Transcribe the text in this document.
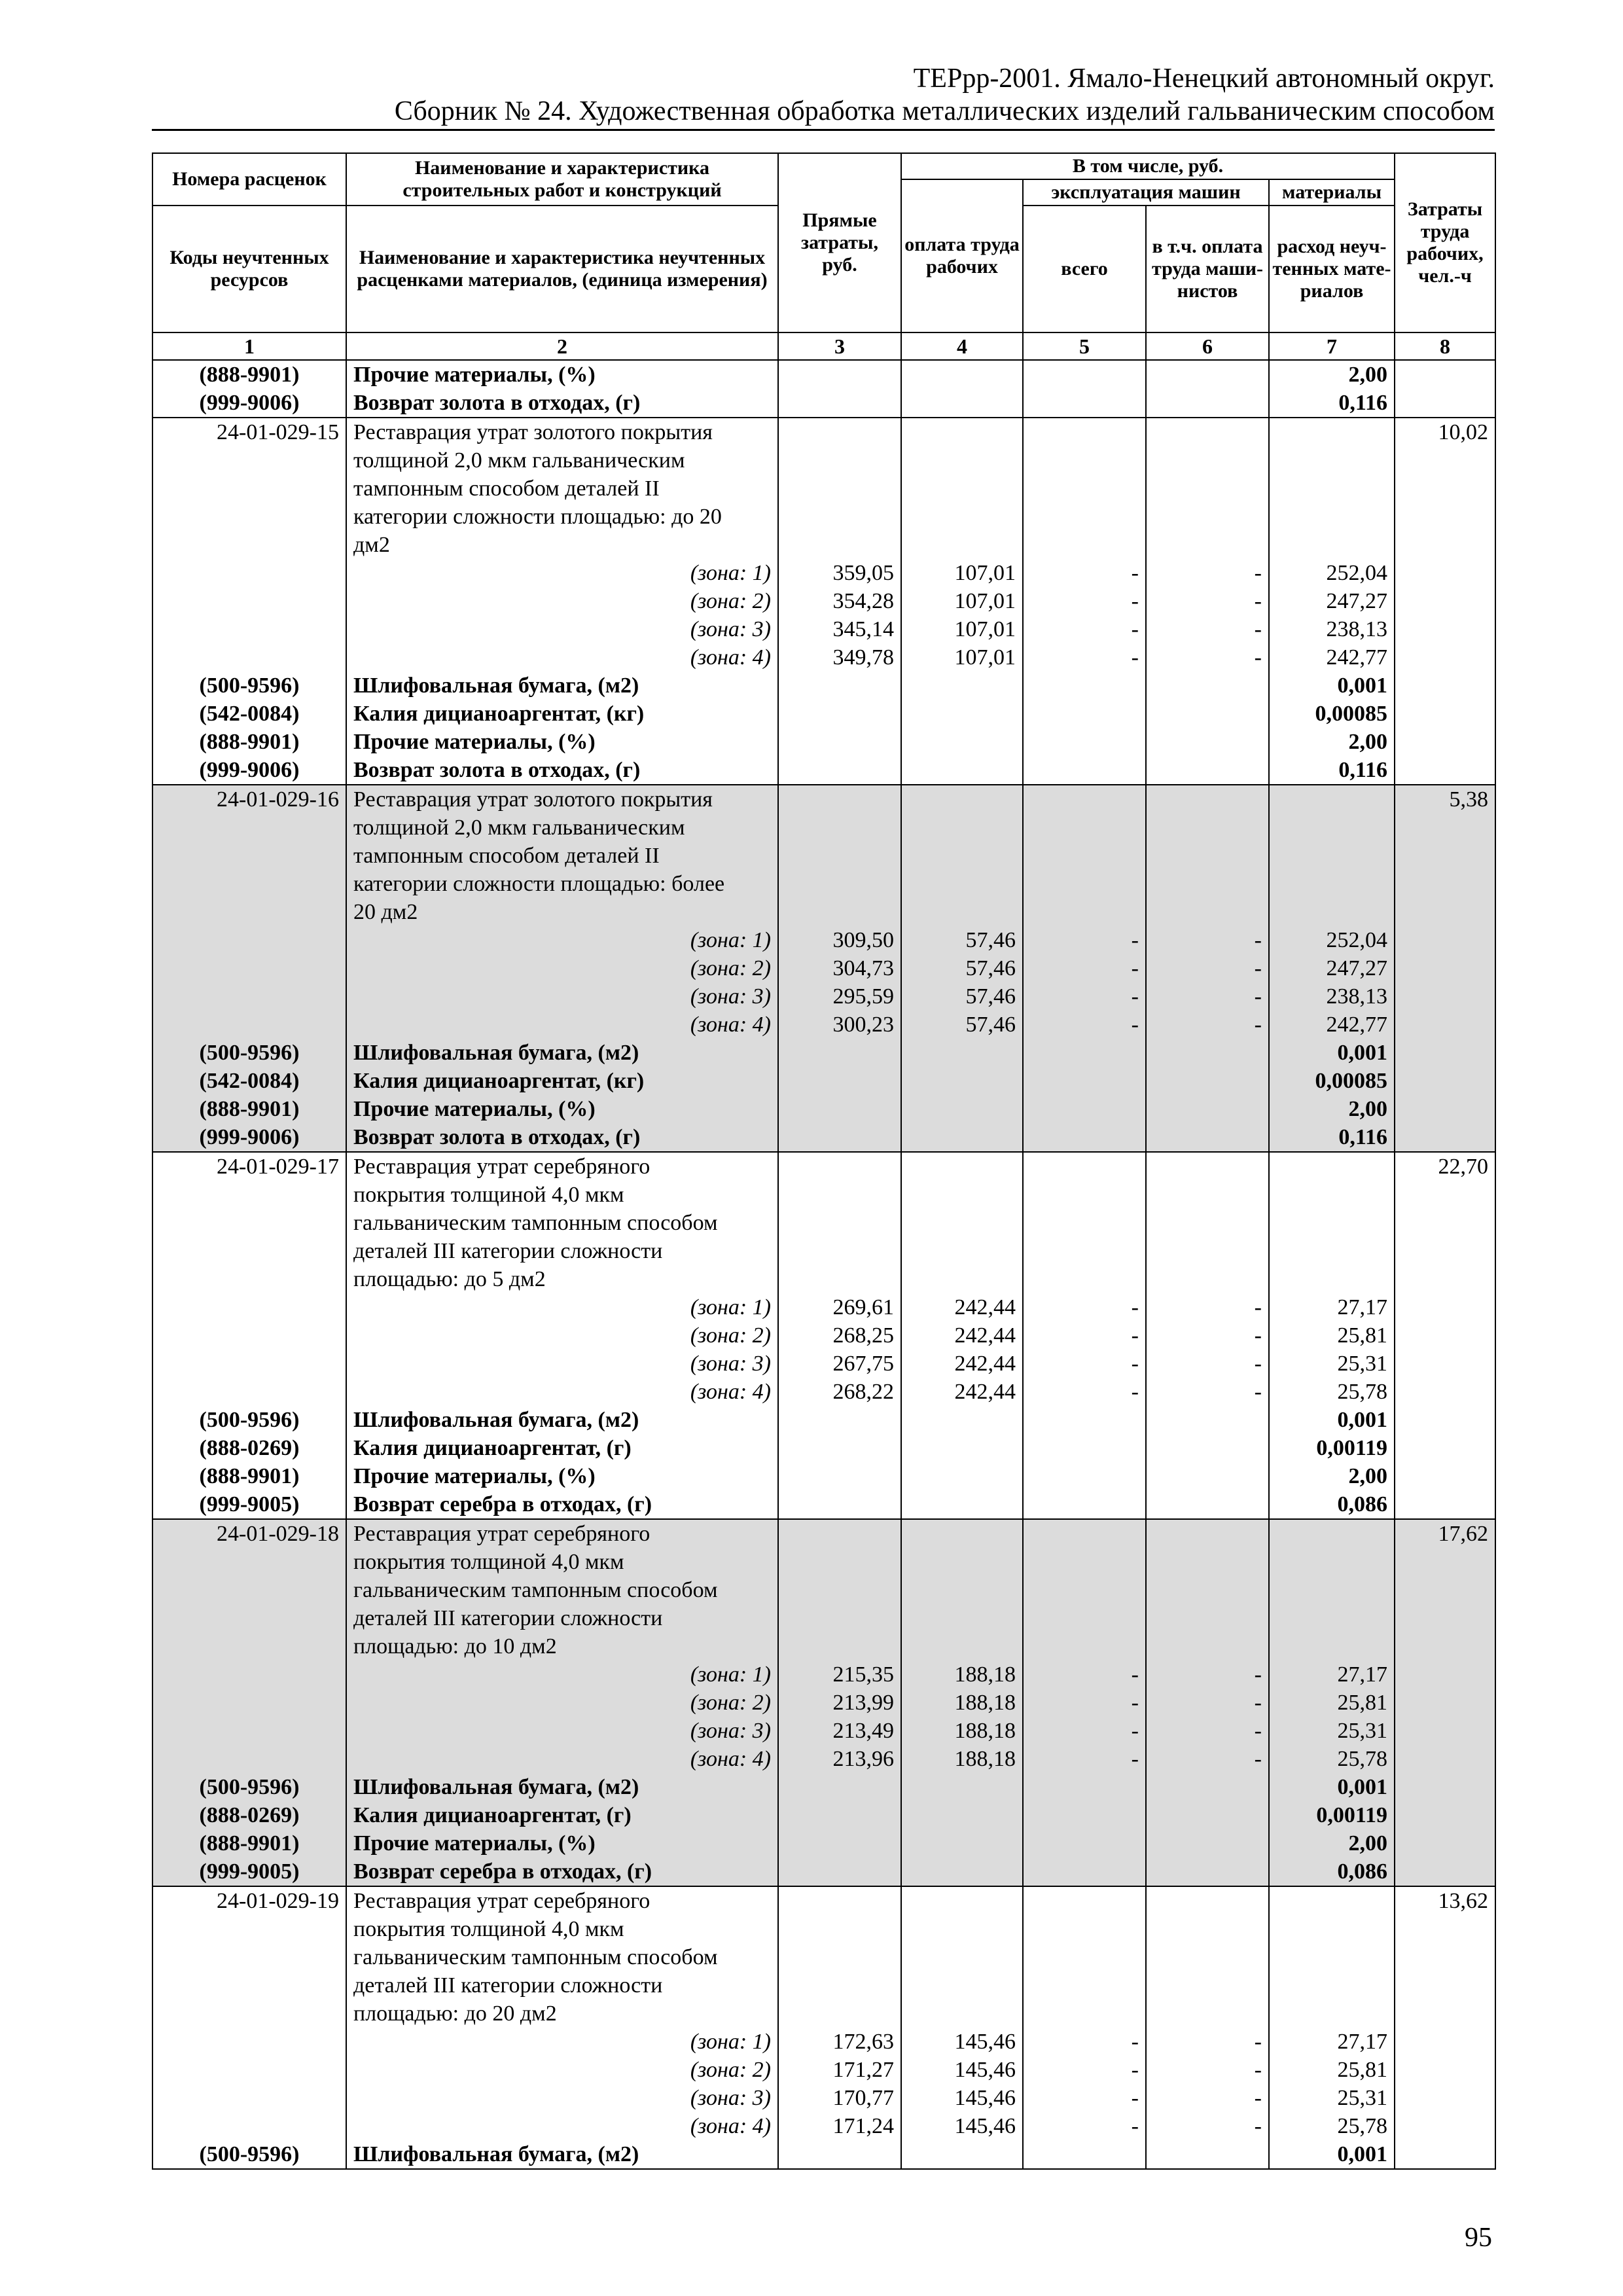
ТЕРрр-2001. Ямало-Ненецкий автономный округ.
Сборник № 24. Художественная обработка металлических изделий гальваническим способом
Номера расценок	Наименование и характеристика строительных работ и конструкций	Прямые затраты, руб.	В том числе, руб.				Затраты труда рабочих, чел.-ч
			оплата труда рабочих	эксплуатация машин		материалы	
Коды неучтенных ресурсов	Наименование и характеристика неучтенных расценками материалов, (единица измерения)			всего	в т.ч. оплата труда маши-нистов	расход неуч-тенных мате-риалов	
1	2	3	4	5	6	7	8
(888-9901)	Прочие материалы, (%)					2,00	
(999-9006)	Возврат золота в отходах, (г)					0,116	
24-01-029-15	Реставрация утрат золотого покрытия						10,02
	толщиной 2,0 мкм гальваническим						
	тампонным способом деталей II						
	категории сложности площадью: до 20						
	дм2						
	(зона: 1)	359,05	107,01	-	-	252,04	
	(зона: 2)	354,28	107,01	-	-	247,27	
	(зона: 3)	345,14	107,01	-	-	238,13	
	(зона: 4)	349,78	107,01	-	-	242,77	
(500-9596)	Шлифовальная бумага, (м2)					0,001	
(542-0084)	Калия дицианоаргентат, (кг)					0,00085	
(888-9901)	Прочие материалы, (%)					2,00	
(999-9006)	Возврат золота в отходах, (г)					0,116	
24-01-029-16	Реставрация утрат золотого покрытия						5,38
	толщиной 2,0 мкм гальваническим						
	тампонным способом деталей II						
	категории сложности площадью: более						
	20 дм2						
	(зона: 1)	309,50	57,46	-	-	252,04	
	(зона: 2)	304,73	57,46	-	-	247,27	
	(зона: 3)	295,59	57,46	-	-	238,13	
	(зона: 4)	300,23	57,46	-	-	242,77	
(500-9596)	Шлифовальная бумага, (м2)					0,001	
(542-0084)	Калия дицианоаргентат, (кг)					0,00085	
(888-9901)	Прочие материалы, (%)					2,00	
(999-9006)	Возврат золота в отходах, (г)					0,116	
24-01-029-17	Реставрация утрат серебряного						22,70
	покрытия толщиной 4,0 мкм						
	гальваническим тампонным способом						
	деталей III категории сложности						
	площадью: до 5 дм2						
	(зона: 1)	269,61	242,44	-	-	27,17	
	(зона: 2)	268,25	242,44	-	-	25,81	
	(зона: 3)	267,75	242,44	-	-	25,31	
	(зона: 4)	268,22	242,44	-	-	25,78	
(500-9596)	Шлифовальная бумага, (м2)					0,001	
(888-0269)	Калия дицианоаргентат, (г)					0,00119	
(888-9901)	Прочие материалы, (%)					2,00	
(999-9005)	Возврат серебра в отходах, (г)					0,086	
24-01-029-18	Реставрация утрат серебряного						17,62
	покрытия толщиной 4,0 мкм						
	гальваническим тампонным способом						
	деталей III категории сложности						
	площадью: до 10 дм2						
	(зона: 1)	215,35	188,18	-	-	27,17	
	(зона: 2)	213,99	188,18	-	-	25,81	
	(зона: 3)	213,49	188,18	-	-	25,31	
	(зона: 4)	213,96	188,18	-	-	25,78	
(500-9596)	Шлифовальная бумага, (м2)					0,001	
(888-0269)	Калия дицианоаргентат, (г)					0,00119	
(888-9901)	Прочие материалы, (%)					2,00	
(999-9005)	Возврат серебра в отходах, (г)					0,086	
24-01-029-19	Реставрация утрат серебряного						13,62
	покрытия толщиной 4,0 мкм						
	гальваническим тампонным способом						
	деталей III категории сложности						
	площадью: до 20 дм2						
	(зона: 1)	172,63	145,46	-	-	27,17	
	(зона: 2)	171,27	145,46	-	-	25,81	
	(зона: 3)	170,77	145,46	-	-	25,31	
	(зона: 4)	171,24	145,46	-	-	25,78	
(500-9596)	Шлифовальная бумага, (м2)					0,001	
95
